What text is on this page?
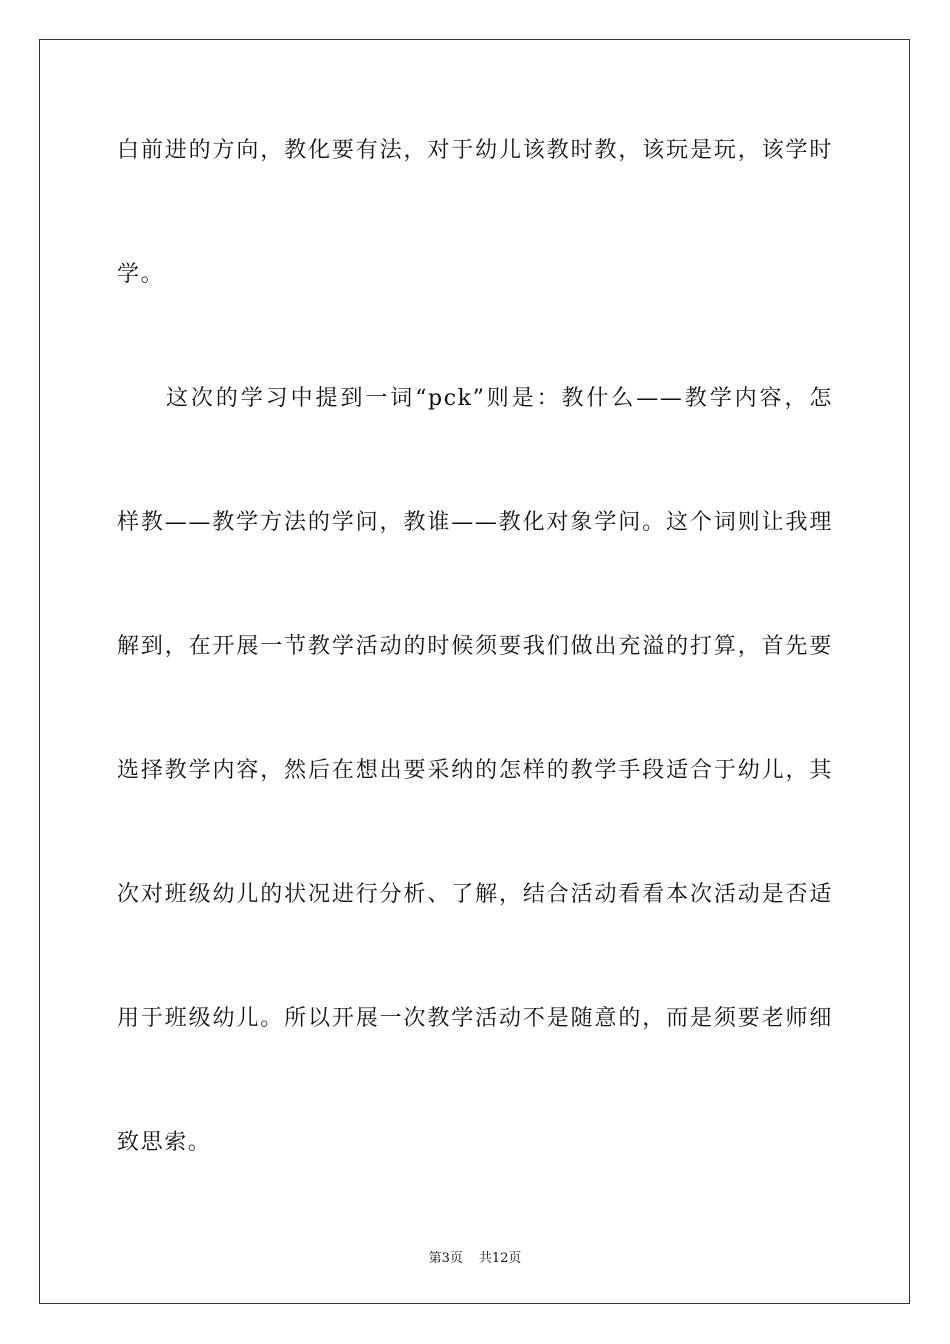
白前进的方向，教化要有法，对于幼儿该教时教，该玩是玩，该学时
学。
这次的学习中提到一词“pck”则是：教什么——教学内容，怎
样教——教学方法的学问，教谁——教化对象学问。这个词则让我理
解到，在开展一节教学活动的时候须要我们做出充溢的打算，首先要
选择教学内容，然后在想出要采纳的怎样的教学手段适合于幼儿，其
次对班级幼儿的状况进行分析、了解，结合活动看看本次活动是否适
用于班级幼儿。所以开展一次教学活动不是随意的，而是须要老师细
致思索。
第3页 共12页
